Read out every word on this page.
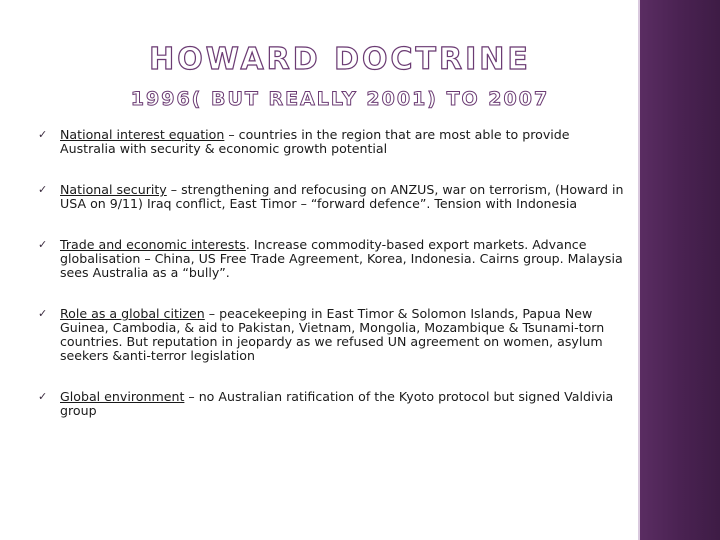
HOWARD DOCTRINE
1996( BUT REALLY 2001) TO 2007
✓ National interest equation – countries in the region that are most able to provide Australia with security & economic growth potential
✓ National security – strengthening and refocusing on ANZUS, war on terrorism, (Howard in USA on 9/11) Iraq conflict, East Timor – “forward defence”. Tension with Indonesia
✓ Trade and economic interests. Increase commodity-based export markets. Advance globalisation – China, US Free Trade Agreement, Korea, Indonesia. Cairns group. Malaysia sees Australia as a “bully”.
✓ Role as a global citizen – peacekeeping in East Timor & Solomon Islands, Papua New Guinea, Cambodia, & aid to Pakistan, Vietnam, Mongolia, Mozambique & Tsunami-torn countries. But reputation in jeopardy as we refused UN agreement on women, asylum seekers &anti-terror legislation
✓ Global environment – no Australian ratification of the Kyoto protocol but signed Valdivia group
